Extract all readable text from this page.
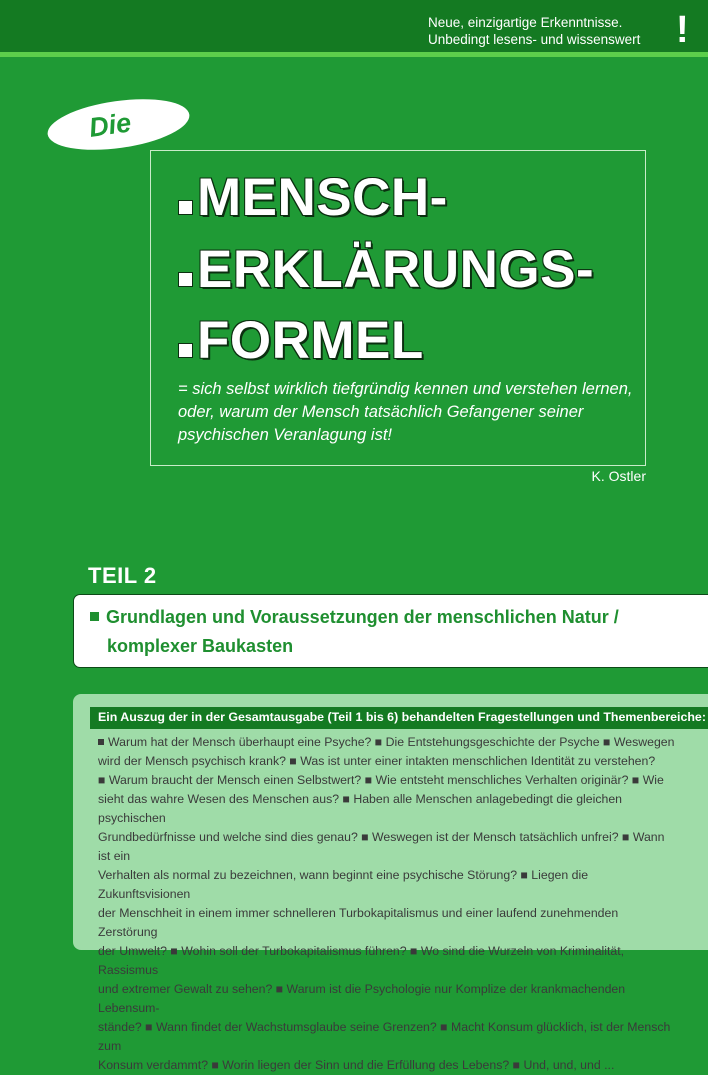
Neue, einzigartige Erkenntnisse.
Unbedingt lesens- und wissenswert !
Die
MENSCH-
ERKLÄRUNGS-
FORMEL
= sich selbst wirklich tiefgründig kennen und verstehen lernen,
oder, warum der Mensch tatsächlich Gefangener seiner
psychischen Veranlagung ist!
K. Ostler
TEIL 2
Grundlagen und Voraussetzungen der menschlichen Natur /
komplexer Baukasten
Ein Auszug der in der Gesamtausgabe (Teil 1 bis 6) behandelten Fragestellungen und Themenbereiche:
Warum hat der Mensch überhaupt eine Psyche? ■ Die Entstehungsgeschichte der Psyche ■ Weswegen
wird der Mensch psychisch krank? ■ Was ist unter einer intakten menschlichen Identität zu verstehen?
■ Warum braucht der Mensch einen Selbstwert? ■ Wie entsteht menschliches Verhalten originär? ■ Wie
sieht das wahre Wesen des Menschen aus? ■ Haben alle Menschen anlagebedingt die gleichen psychischen
Grundbedürfnisse und welche sind dies genau? ■ Weswegen ist der Mensch tatsächlich unfrei? ■ Wann ist ein
Verhalten als normal zu bezeichnen, wann beginnt eine psychische Störung? ■ Liegen die Zukunftsvisionen
der Menschheit in einem immer schnelleren Turbokapitalismus und einer laufend zunehmenden Zerstörung
der Umwelt? ■ Wohin soll der Turbokapitalismus führen? ■ Wo sind die Wurzeln von Kriminalität, Rassismus
und extremer Gewalt zu sehen? ■ Warum ist die Psychologie nur Komplize der krankmachenden Lebensum-
stände? ■ Wann findet der Wachstumsglaube seine Grenzen? ■ Macht Konsum glücklich, ist der Mensch zum
Konsum verdammt? ■ Worin liegen der Sinn und die Erfüllung des Lebens? ■ Und, und, und ...
